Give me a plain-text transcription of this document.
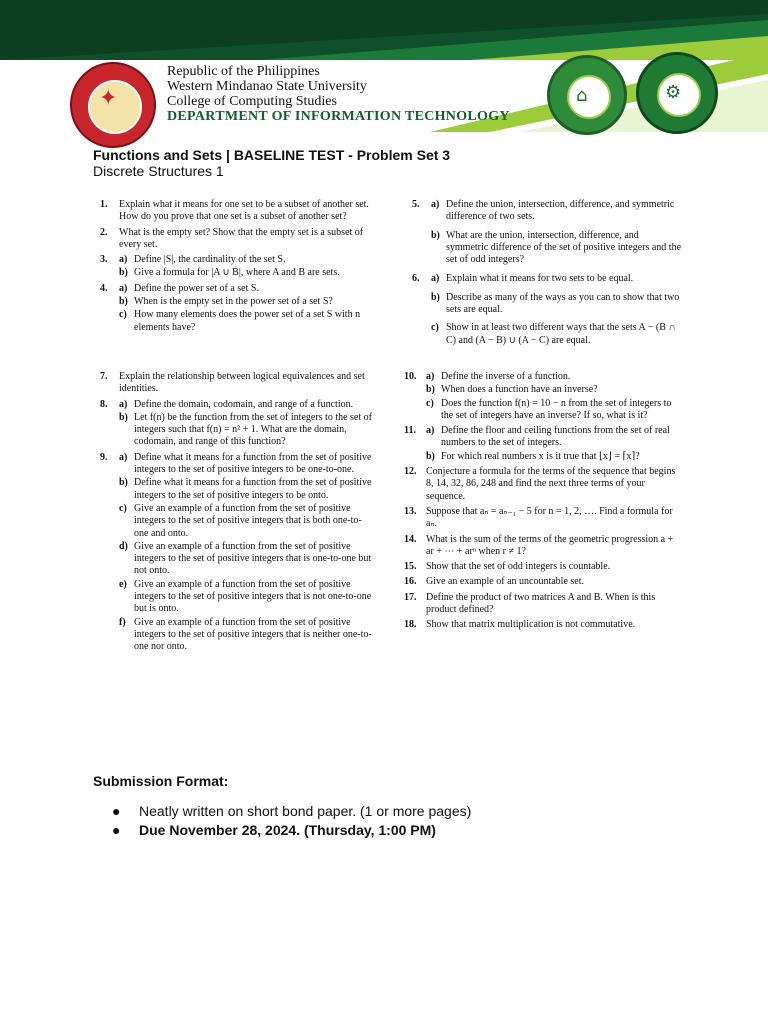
✦	⌂	⚙
Republic of the Philippines
Western Mindanao State University
College of Computing Studies
DEPARTMENT OF INFORMATION TECHNOLOGY
Functions and Sets | BASELINE TEST - Problem Set 3
Discrete Structures 1
1. Explain what it means for one set to be a subset of another set. How do you prove that one set is a subset of another set?
2. What is the empty set? Show that the empty set is a subset of every set.
3. a) Define |S|, the cardinality of the set S.
b) Give a formula for |A ∪ B|, where A and B are sets.
4. a) Define the power set of a set S.
b) When is the empty set in the power set of a set S?
c) How many elements does the power set of a set S with n elements have?
5. a) Define the union, intersection, difference, and symmetric difference of two sets.
b) What are the union, intersection, difference, and symmetric difference of the set of positive integers and the set of odd integers?
6. a) Explain what it means for two sets to be equal.
b) Describe as many of the ways as you can to show that two sets are equal.
c) Show in at least two different ways that the sets A − (B ∩ C) and (A − B) ∪ (A − C) are equal.
7. Explain the relationship between logical equivalences and set identities.
8. a) Define the domain, codomain, and range of a function.
b) Let f(n) be the function from the set of integers to the set of integers such that f(n) = n² + 1. What are the domain, codomain, and range of this function?
9. a) Define what it means for a function from the set of positive integers to the set of positive integers to be one-to-one.
b) Define what it means for a function from the set of positive integers to the set of positive integers to be onto.
c) Give an example of a function from the set of positive integers to the set of positive integers that is both one-to-one and onto.
d) Give an example of a function from the set of positive integers to the set of positive integers that is one-to-one but not onto.
e) Give an example of a function from the set of positive integers to the set of positive integers that is not one-to-one but is onto.
f) Give an example of a function from the set of positive integers to the set of positive integers that is neither one-to-one nor onto.
10. a) Define the inverse of a function.
b) When does a function have an inverse?
c) Does the function f(n) = 10 − n from the set of integers to the set of integers have an inverse? If so, what is it?
11. a) Define the floor and ceiling functions from the set of real numbers to the set of integers.
b) For which real numbers x is it true that ⌊x⌋ = ⌈x⌉?
12. Conjecture a formula for the terms of the sequence that begins 8, 14, 32, 86, 248 and find the next three terms of your sequence.
13. Suppose that aₙ = aₙ₋₁ − 5 for n = 1, 2, …. Find a formula for aₙ.
14. What is the sum of the terms of the geometric progression a + ar + ⋯ + arⁿ when r ≠ 1?
15. Show that the set of odd integers is countable.
16. Give an example of an uncountable set.
17. Define the product of two matrices A and B. When is this product defined?
18. Show that matrix multiplication is not commutative.
Submission Format:
● Neatly written on short bond paper. (1 or more pages)
● Due November 28, 2024. (Thursday, 1:00 PM)
